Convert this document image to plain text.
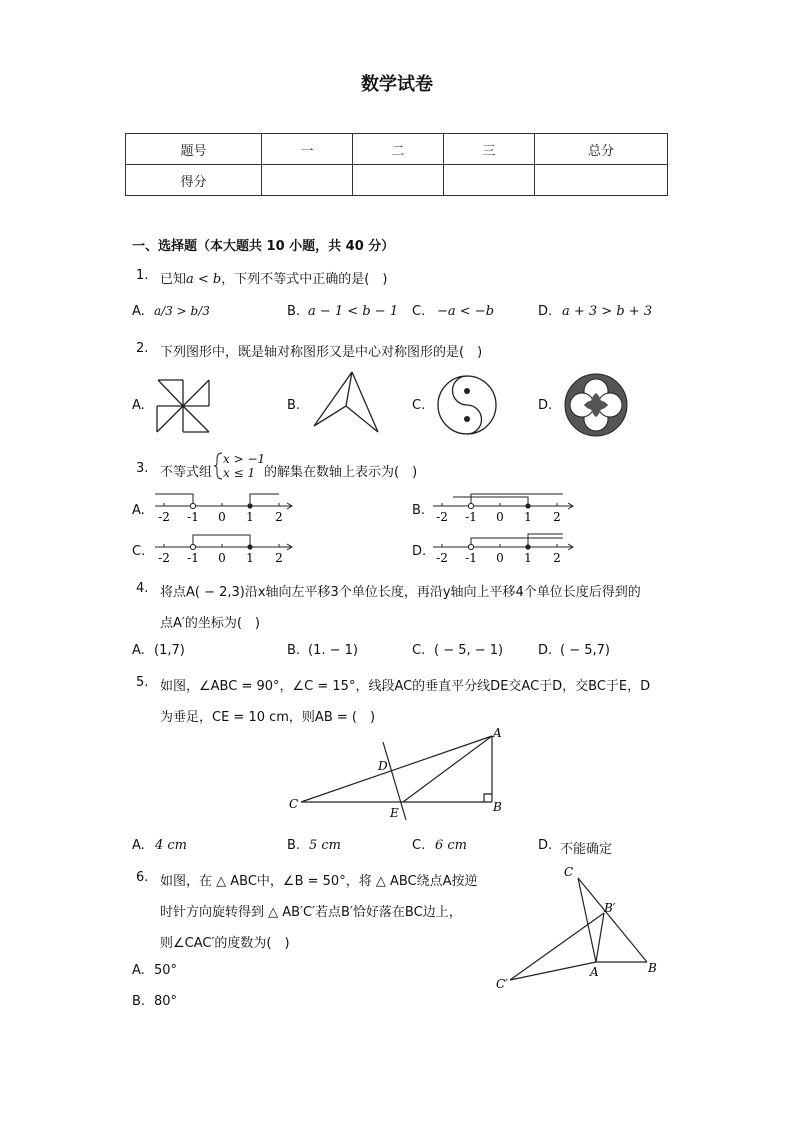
数学试卷
题号	一	二	三	总分
得分				
一、选择题（本大题共 10 小题，共 40 分）
1. 已知a < b，下列不等式中正确的是(　)
A. a/3 > b/3	B. a − 1 < b − 1 C. −a < −b	D. a + 3 > b + 3
2. 下列图形中，既是轴对称图形又是中心对称图形的是(　)
A.	B.	C.	D.
3. 不等式组
x > −1
x ≤ 1 的解集在数轴上表示为(　)
A. -2 -1 0 1 2	B. -2 -1 0 1 2
C. -2 -1 0 1 2	D. -2 -1 0 1 2
4. 将点A( − 2,3)沿x轴向左平移3个单位长度，再沿y轴向上平移4个单位长度后得到的
点A′的坐标为(　)
A. (1,7)	B. (1. − 1)	C. ( − 5, − 1)	D. ( − 5,7)
5. 如图，∠ABC = 90°，∠C = 15°，线段AC的垂直平分线DE交AC于D，交BC于E，D
为垂足，CE = 10 cm，则AB = (　)
A
B
C
D
E
A. 4 cm	B. 5 cm	C. 6 cm	D. 不能确定
6. 如图，在 △ ABC中，∠B = 50°，将 △ ABC绕点A按逆
时针方向旋转得到 △ AB′C′若点B′恰好落在BC边上，
则∠CAC′的度数为(　)
C
B′
A	B
C′
A. 50°
B. 80°
